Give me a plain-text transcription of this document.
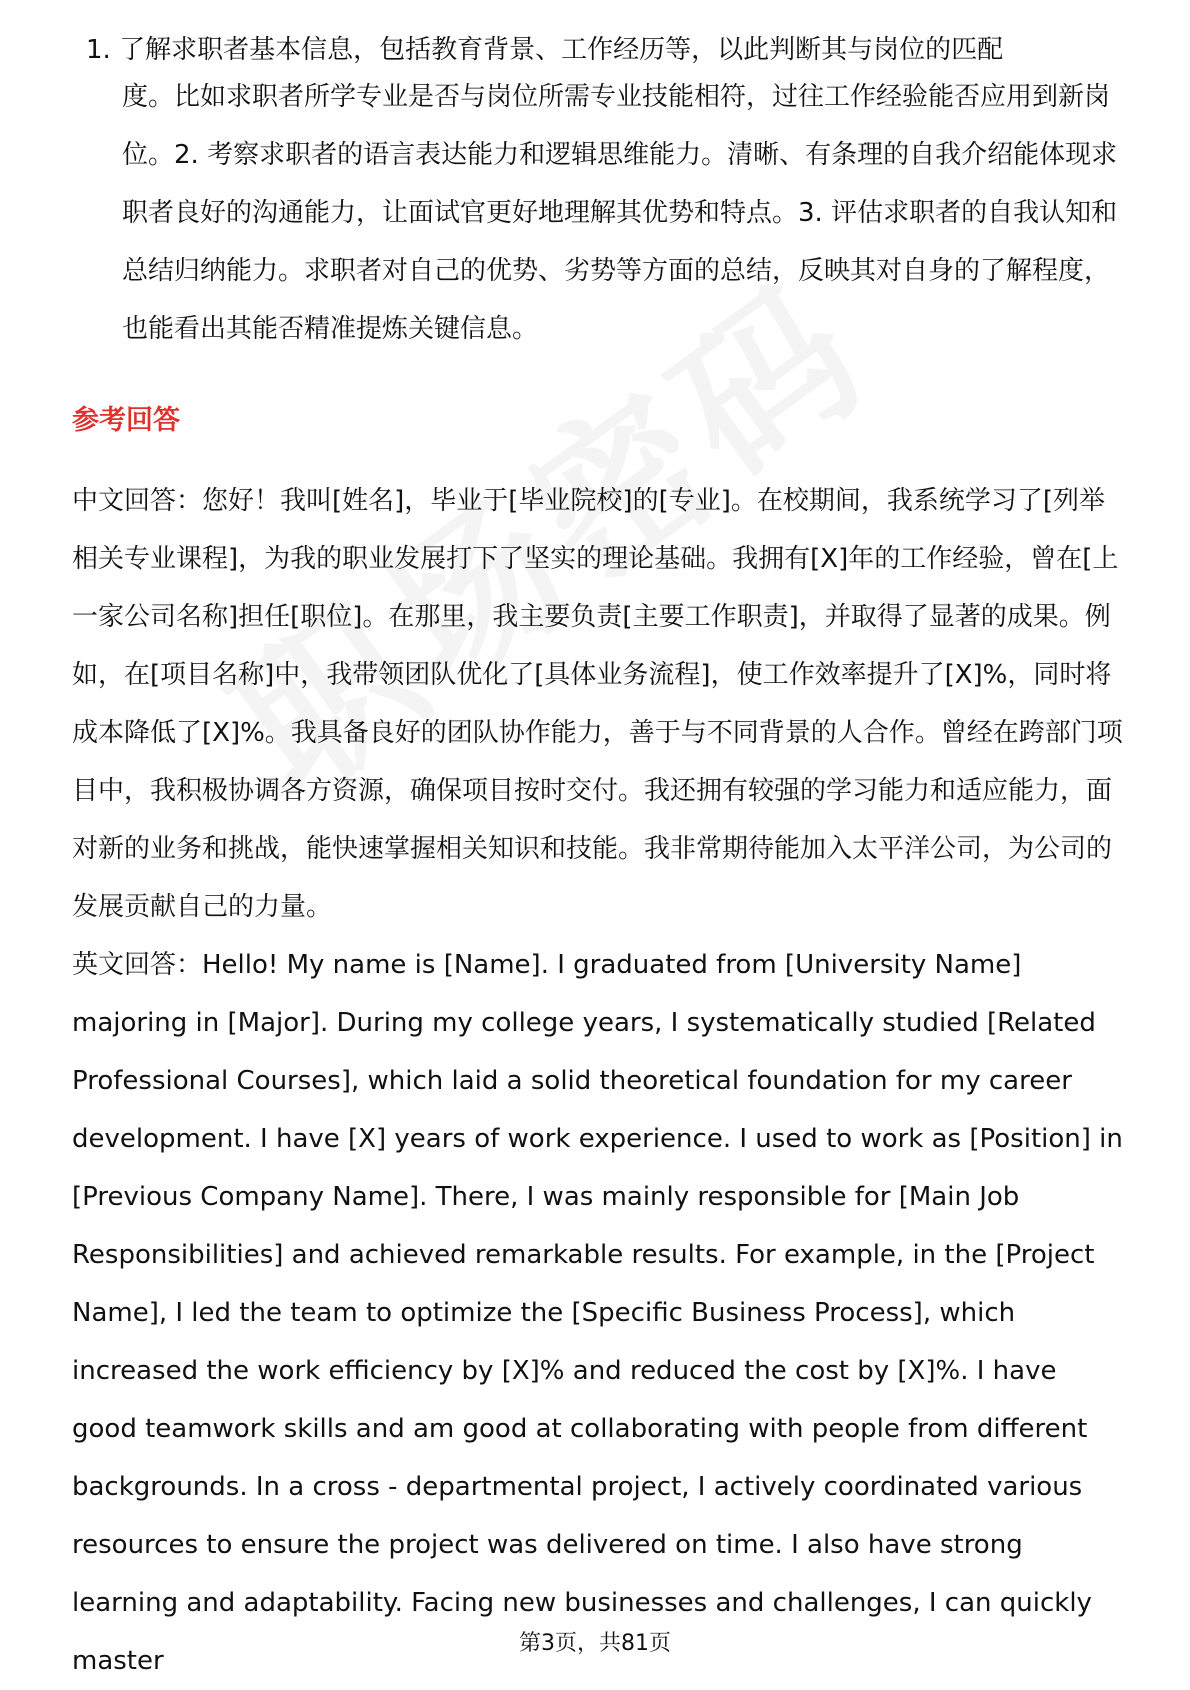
1. 了解求职者基本信息，包括教育背景、工作经历等，以此判断其与岗位的匹配
度。比如求职者所学专业是否与岗位所需专业技能相符，过往工作经验能否应用到新岗位。2. 考察求职者的语言表达能力和逻辑思维能力。清晰、有条理的自我介绍能体现求职者良好的沟通能力，让面试官更好地理解其优势和特点。3. 评估求职者的自我认知和总结归纳能力。求职者对自己的优势、劣势等方面的总结，反映其对自身的了解程度，也能看出其能否精准提炼关键信息。
参考回答

中文回答：您好！我叫[姓名]，毕业于[毕业院校]的[专业]。在校期间，我系统学习了[列举相关专业课程]，为我的职业发展打下了坚实的理论基础。我拥有[X]年的工作经验，曾在[上一家公司名称]担任[职位]。在那里，我主要负责[主要工作职责]，并取得了显著的成果。例如，在[项目名称]中，我带领团队优化了[具体业务流程]，使工作效率提升了[X]%，同时将成本降低了[X]%。我具备良好的团队协作能力，善于与不同背景的人合作。曾经在跨部门项目中，我积极协调各方资源，确保项目按时交付。我还拥有较强的学习能力和适应能力，面对新的业务和挑战，能快速掌握相关知识和技能。我非常期待能加入太平洋公司，为公司的发展贡献自己的力量。

英文回答：Hello! My name is [Name]. I graduated from [University Name] majoring in [Major]. During my college years, I systematically studied [Related Professional Courses], which laid a solid theoretical foundation for my career development. I have [X] years of work experience. I used to work as [Position] in [Previous Company Name]. There, I was mainly responsible for [Main Job Responsibilities] and achieved remarkable results. For example, in the [Project Name], I led the team to optimize the [Specific Business Process], which increased the work efficiency by [X]% and reduced the cost by [X]%. I have good teamwork skills and am good at collaborating with people from different backgrounds. In a cross - departmental project, I actively coordinated various resources to ensure the project was delivered on time. I also have strong learning and adaptability. Facing new businesses and challenges, I can quickly master

第3页，共81页
